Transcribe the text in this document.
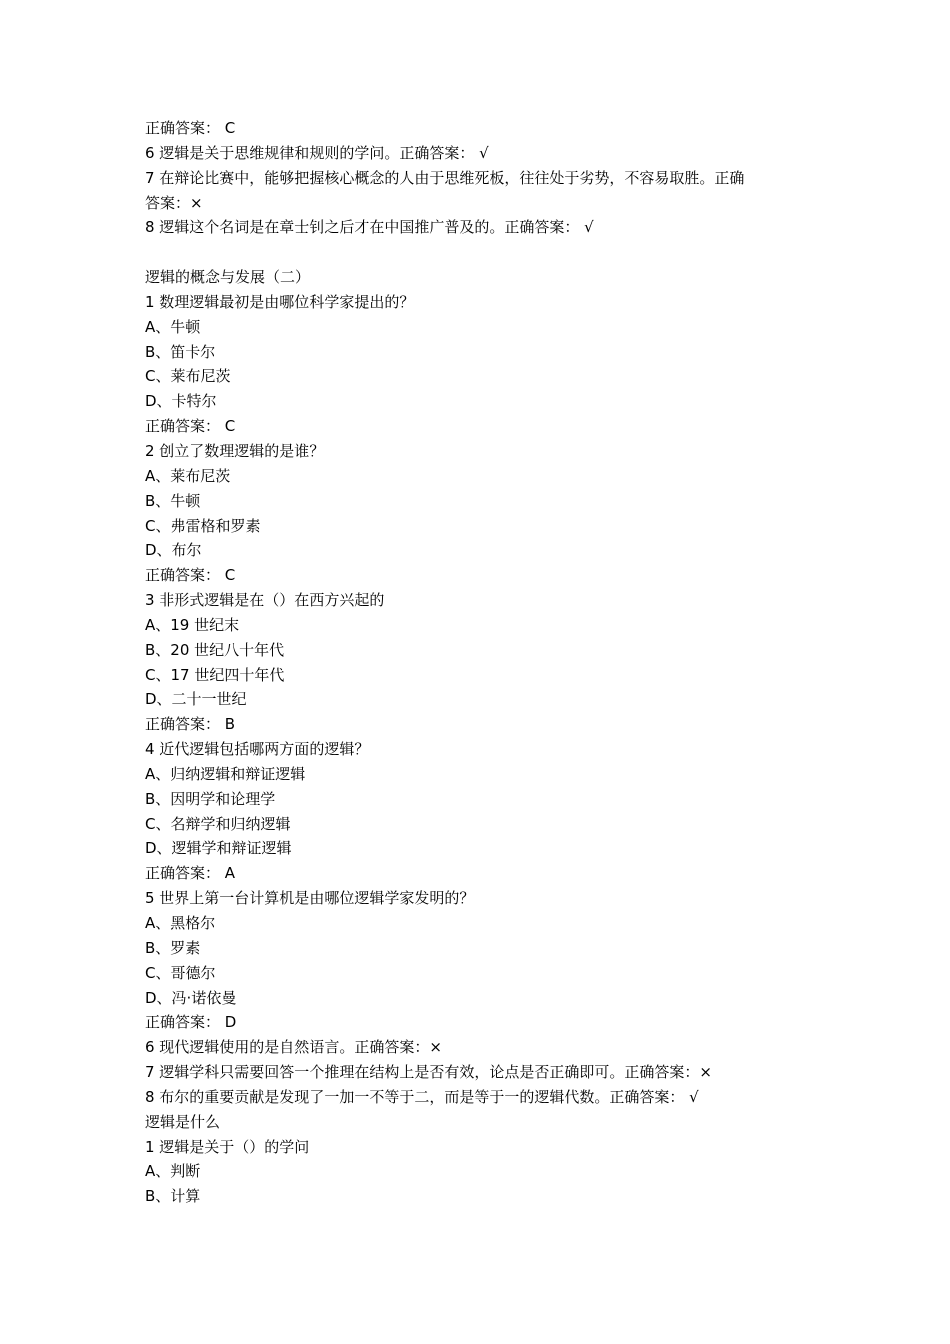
正确答案： C
6 逻辑是关于思维规律和规则的学问。正确答案： √
7 在辩论比赛中，能够把握核心概念的人由于思维死板，往往处于劣势，不容易取胜。正确
答案：×
8 逻辑这个名词是在章士钊之后才在中国推广普及的。正确答案： √
逻辑的概念与发展（二）
1 数理逻辑最初是由哪位科学家提出的？
A、牛顿
B、笛卡尔
C、莱布尼茨
D、卡特尔
正确答案： C
2 创立了数理逻辑的是谁？
A、莱布尼茨
B、牛顿
C、弗雷格和罗素
D、布尔
正确答案： C
3 非形式逻辑是在（）在西方兴起的
A、19 世纪末
B、20 世纪八十年代
C、17 世纪四十年代
D、二十一世纪
正确答案： B
4 近代逻辑包括哪两方面的逻辑？
A、归纳逻辑和辩证逻辑
B、因明学和论理学
C、名辩学和归纳逻辑
D、逻辑学和辩证逻辑
正确答案： A
5 世界上第一台计算机是由哪位逻辑学家发明的？
A、黑格尔
B、罗素
C、哥德尔
D、冯·诺依曼
正确答案： D
6 现代逻辑使用的是自然语言。正确答案：×
7 逻辑学科只需要回答一个推理在结构上是否有效，论点是否正确即可。正确答案：×
8 布尔的重要贡献是发现了一加一不等于二，而是等于一的逻辑代数。正确答案： √
逻辑是什么
1 逻辑是关于（）的学问
A、判断
B、计算
